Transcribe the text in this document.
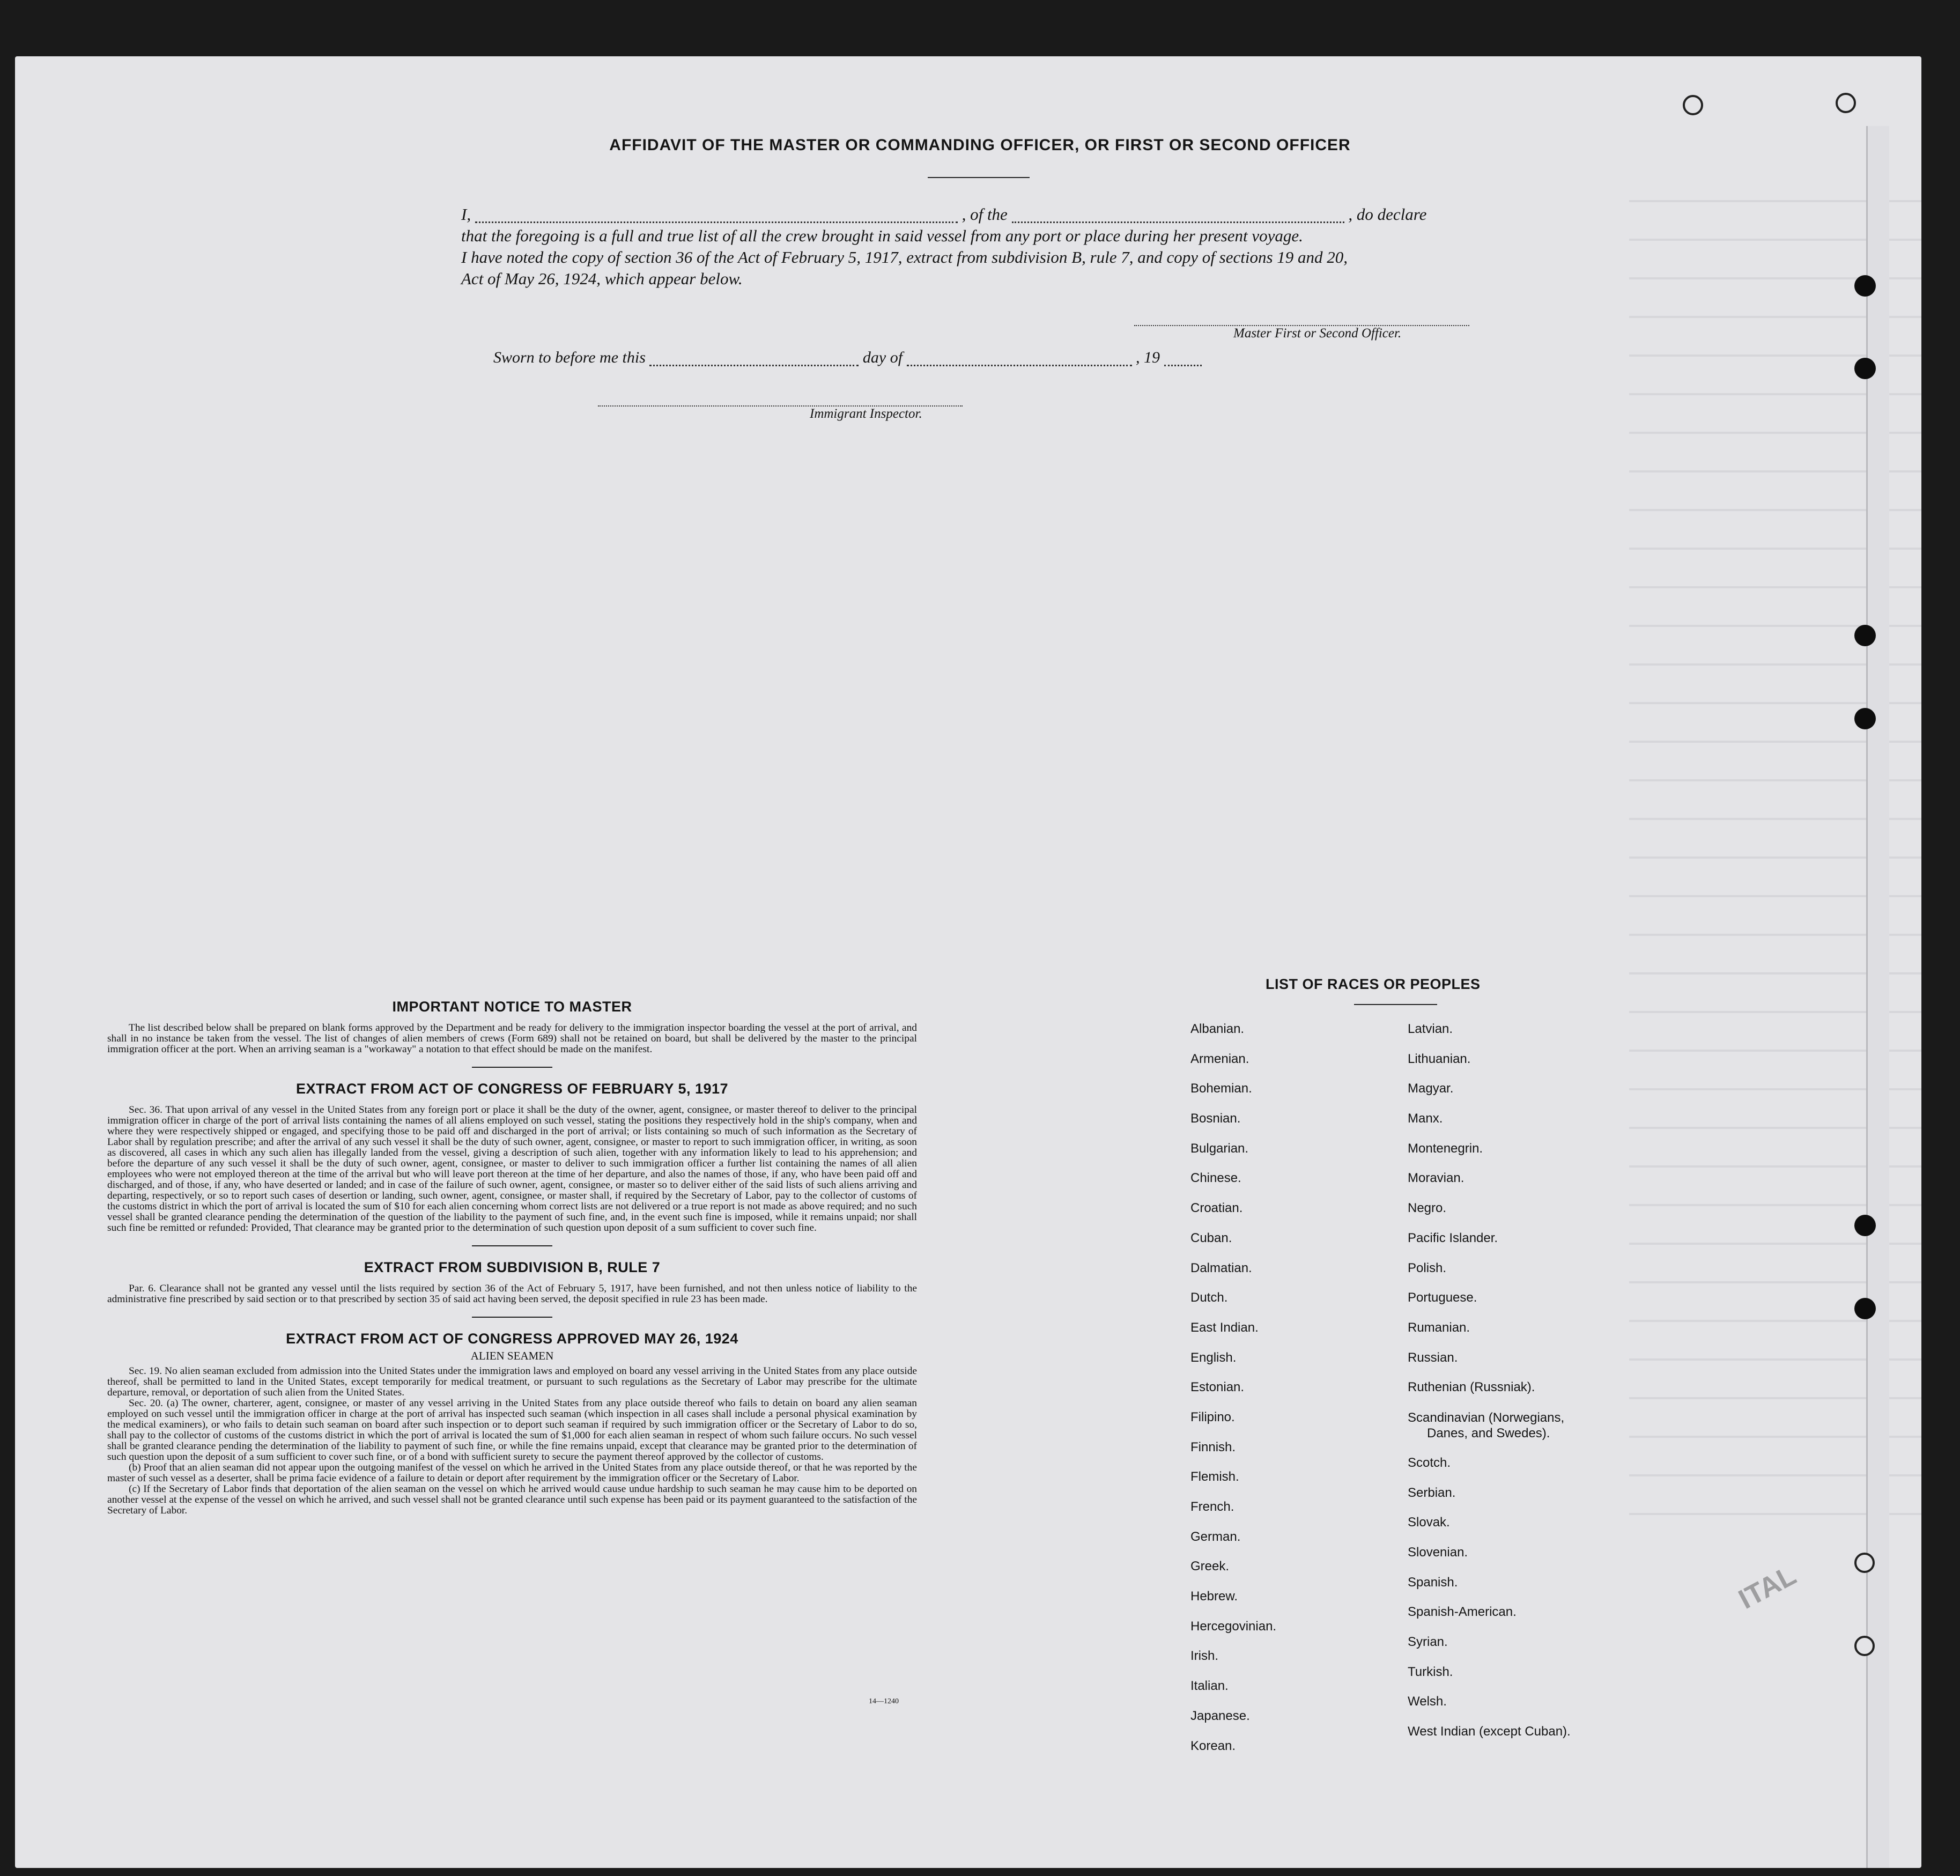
AFFIDAVIT OF THE MASTER OR COMMANDING OFFICER, OR FIRST OR SECOND OFFICER
I,	, of the	, do declare
that the foregoing is a full and true list of all the crew brought in said vessel from any port or place during her present voyage.
I have noted the copy of section 36 of the Act of February 5, 1917, extract from subdivision B, rule 7, and copy of sections 19 and 20,
Act of May 26, 1924, which appear below.
Master First or Second Officer.
Sworn to before me this	day of	, 19
Immigrant Inspector.
IMPORTANT NOTICE TO MASTER

The list described below shall be prepared on blank forms approved by the Department and be ready for delivery to the immigration inspector boarding the vessel at the port of arrival, and shall in no instance be taken from the vessel. The list of changes of alien members of crews (Form 689) shall not be retained on board, but shall be delivered by the master to the principal immigration officer at the port. When an arriving seaman is a "workaway" a notation to that effect should be made on the manifest.

EXTRACT FROM ACT OF CONGRESS OF FEBRUARY 5, 1917

Sec. 36. That upon arrival of any vessel in the United States from any foreign port or place it shall be the duty of the owner, agent, consignee, or master thereof to deliver to the principal immigration officer in charge of the port of arrival lists containing the names of all aliens employed on such vessel, stating the positions they respectively hold in the ship's company, when and where they were respectively shipped or engaged, and specifying those to be paid off and discharged in the port of arrival; or lists containing so much of such information as the Secretary of Labor shall by regulation prescribe; and after the arrival of any such vessel it shall be the duty of such owner, agent, consignee, or master to report to such immigration officer, in writing, as soon as discovered, all cases in which any such alien has illegally landed from the vessel, giving a description of such alien, together with any information likely to lead to his apprehension; and before the departure of any such vessel it shall be the duty of such owner, agent, consignee, or master to deliver to such immigration officer a further list containing the names of all alien employees who were not employed thereon at the time of the arrival but who will leave port thereon at the time of her departure, and also the names of those, if any, who have been paid off and discharged, and of those, if any, who have deserted or landed; and in case of the failure of such owner, agent, consignee, or master so to deliver either of the said lists of such aliens arriving and departing, respectively, or so to report such cases of desertion or landing, such owner, agent, consignee, or master shall, if required by the Secretary of Labor, pay to the collector of customs of the customs district in which the port of arrival is located the sum of $10 for each alien concerning whom correct lists are not delivered or a true report is not made as above required; and no such vessel shall be granted clearance pending the determination of the question of the liability to the payment of such fine, and, in the event such fine is imposed, while it remains unpaid; nor shall such fine be remitted or refunded: Provided, That clearance may be granted prior to the determination of such question upon deposit of a sum sufficient to cover such fine.

EXTRACT FROM SUBDIVISION B, RULE 7

Par. 6. Clearance shall not be granted any vessel until the lists required by section 36 of the Act of February 5, 1917, have been furnished, and not then unless notice of liability to the administrative fine prescribed by said section or to that prescribed by section 35 of said act having been served, the deposit specified in rule 23 has been made.

EXTRACT FROM ACT OF CONGRESS APPROVED MAY 26, 1924
ALIEN SEAMEN

Sec. 19. No alien seaman excluded from admission into the United States under the immigration laws and employed on board any vessel arriving in the United States from any place outside thereof, shall be permitted to land in the United States, except temporarily for medical treatment, or pursuant to such regulations as the Secretary of Labor may prescribe for the ultimate departure, removal, or deportation of such alien from the United States.

Sec. 20. (a) The owner, charterer, agent, consignee, or master of any vessel arriving in the United States from any place outside thereof who fails to detain on board any alien seaman employed on such vessel until the immigration officer in charge at the port of arrival has inspected such seaman (which inspection in all cases shall include a personal physical examination by the medical examiners), or who fails to detain such seaman on board after such inspection or to deport such seaman if required by such immigration officer or the Secretary of Labor to do so, shall pay to the collector of customs of the customs district in which the port of arrival is located the sum of $1,000 for each alien seaman in respect of whom such failure occurs. No such vessel shall be granted clearance pending the determination of the liability to payment of such fine, or while the fine remains unpaid, except that clearance may be granted prior to the determination of such question upon the deposit of a sum sufficient to cover such fine, or of a bond with sufficient surety to secure the payment thereof approved by the collector of customs.

(b) Proof that an alien seaman did not appear upon the outgoing manifest of the vessel on which he arrived in the United States from any place outside thereof, or that he was reported by the master of such vessel as a deserter, shall be prima facie evidence of a failure to detain or deport after requirement by the immigration officer or the Secretary of Labor.

(c) If the Secretary of Labor finds that deportation of the alien seaman on the vessel on which he arrived would cause undue hardship to such seaman he may cause him to be deported on another vessel at the expense of the vessel on which he arrived, and such vessel shall not be granted clearance until such expense has been paid or its payment guaranteed to the satisfaction of the Secretary of Labor.

14—1240
LIST OF RACES OR PEOPLES
Albanian.
Armenian.
Bohemian.
Bosnian.
Bulgarian.
Chinese.
Croatian.
Cuban.
Dalmatian.
Dutch.
East Indian.
English.
Estonian.
Filipino.
Finnish.
Flemish.
French.
German.
Greek.
Hebrew.
Hercegovinian.
Irish.
Italian.
Japanese.
Korean.
Latvian.
Lithuanian.
Magyar.
Manx.
Montenegrin.
Moravian.
Negro.
Pacific Islander.
Polish.
Portuguese.
Rumanian.
Russian.
Ruthenian (Russniak).
Scandinavian (Norwegians,
Danes, and Swedes).
Scotch.
Serbian.
Slovak.
Slovenian.
Spanish.
Spanish-American.
Syrian.
Turkish.
Welsh.
West Indian (except Cuban).
ITAL
